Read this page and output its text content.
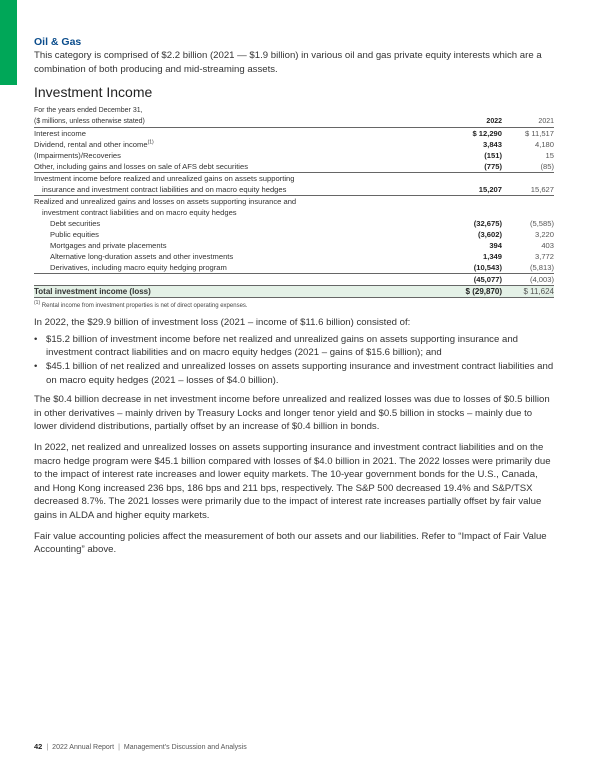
Oil & Gas

This category is comprised of $2.2 billion (2021 — $1.9 billion) in various oil and gas private equity interests which are a combination of both producing and mid-streaming assets.

Investment Income
For the years ended December 31,		
($ millions, unless otherwise stated)	2022	2021
Interest income	$ 12,290	$ 11,517
Dividend, rental and other income$^{(1)}$	3,843	4,180
(Impairments)/Recoveries	(151)	15
Other, including gains and losses on sale of AFS debt securities	(775)	(85)
Investment income before realized and unrealized gains on assets supporting		
insurance and investment contract liabilities and on macro equity hedges	15,207	15,627
Realized and unrealized gains and losses on assets supporting insurance and		
investment contract liabilities and on macro equity hedges		
Debt securities	(32,675)	(5,585)
Public equities	(3,602)	3,220
Mortgages and private placements	394	403
Alternative long-duration assets and other investments	1,349	3,772
Derivatives, including macro equity hedging program	(10,543)	(5,813)
	(45,077)	(4,003)
Total investment income (loss)	$ (29,870)	$ 11,624

$^{(1)}$ Rental income from investment properties is net of direct operating expenses.

In 2022, the $29.9 billion of investment loss (2021 – income of $11.6 billion) consisted of:

• $15.2 billion of investment income before net realized and unrealized gains on assets supporting insurance and investment contract liabilities and on macro equity hedges (2021 – gains of $15.6 billion); and
• $45.1 billion of net realized and unrealized losses on assets supporting insurance and investment contract liabilities and on macro equity hedges (2021 – losses of $4.0 billion).

The $0.4 billion decrease in net investment income before unrealized and realized losses was due to losses of $0.5 billion in other derivatives – mainly driven by Treasury Locks and longer tenor yield and $0.5 billion in stocks – mainly due to lower dividend distributions, partially offset by an increase of $0.4 billion in bonds.

In 2022, net realized and unrealized losses on assets supporting insurance and investment contract liabilities and on the macro hedge program were $45.1 billion compared with losses of $4.0 billion in 2021. The 2022 losses were primarily due to the impact of interest rate increases and lower equity markets. The 10-year government bonds for the U.S., Canada, and Hong Kong increased 236 bps, 186 bps and 211 bps, respectively. The S&P 500 decreased 19.4% and S&P/TSX decreased 8.7%. The 2021 losses were primarily due to the impact of interest rate increases partially offset by fair value gains in ALDA and higher equity markets.

Fair value accounting policies affect the measurement of both our assets and our liabilities. Refer to “Impact of Fair Value Accounting” above.

42 | 2022 Annual Report | Management’s Discussion and Analysis
